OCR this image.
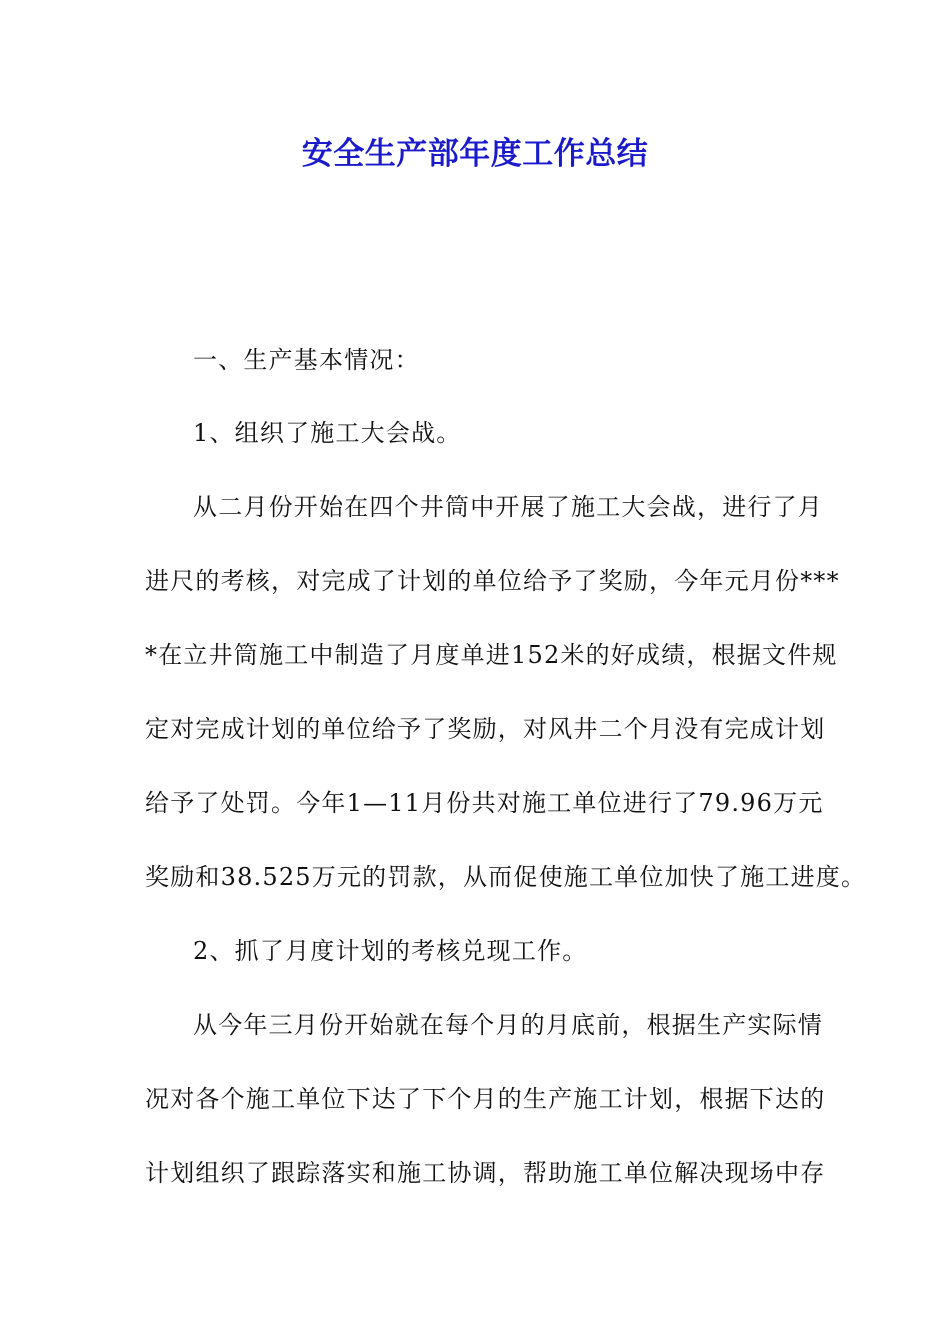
安全生产部年度工作总结
一、生产基本情况：
1、组织了施工大会战。
从二月份开始在四个井筒中开展了施工大会战，进行了月
进尺的考核，对完成了计划的单位给予了奖励，今年元月份***
*在立井筒施工中制造了月度单进152米的好成绩，根据文件规
定对完成计划的单位给予了奖励，对风井二个月没有完成计划
给予了处罚。今年1—11月份共对施工单位进行了79.96万元
奖励和38.525万元的罚款，从而促使施工单位加快了施工进度。
2、抓了月度计划的考核兑现工作。
从今年三月份开始就在每个月的月底前，根据生产实际情
况对各个施工单位下达了下个月的生产施工计划，根据下达的
计划组织了跟踪落实和施工协调，帮助施工单位解决现场中存
